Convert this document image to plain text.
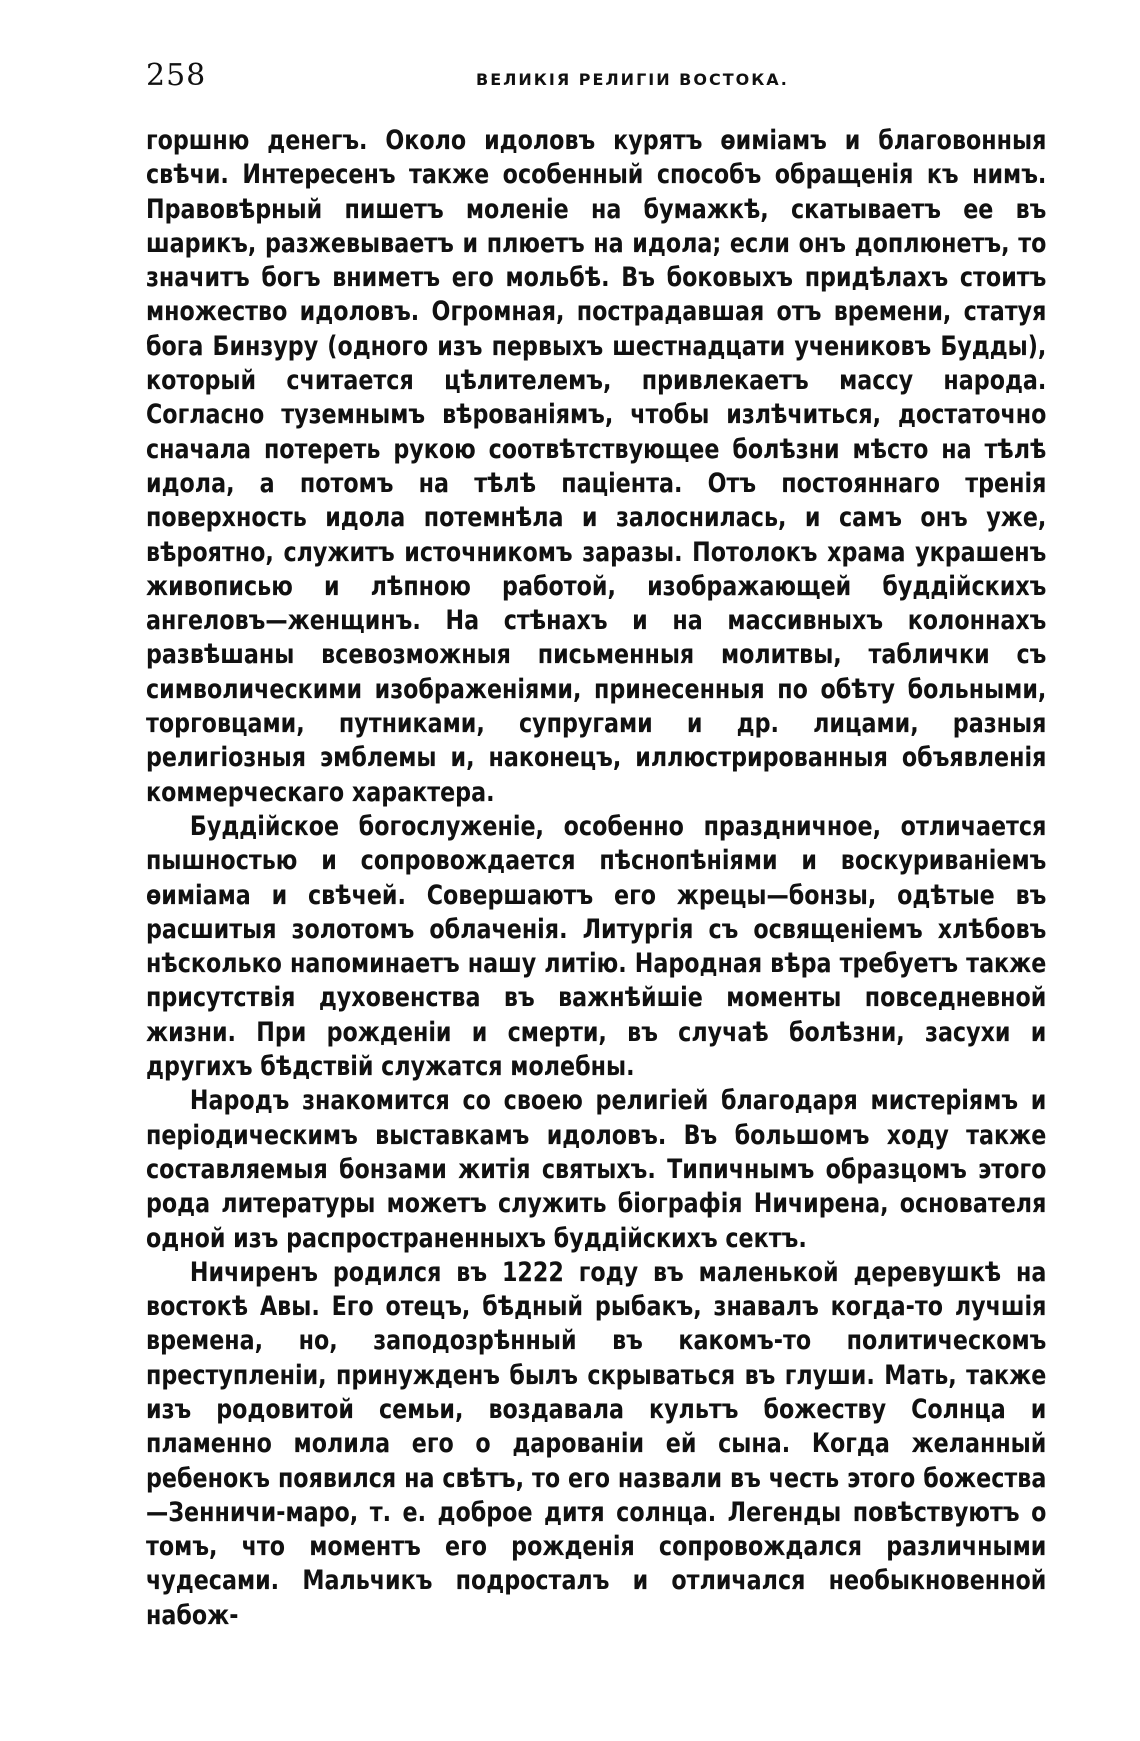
258	ВЕЛИКІЯ РЕЛИГІИ ВОСТОКА.

горшню денегъ. Около идоловъ курятъ ѳиміамъ и благовонныя свѣчи. Интересенъ также особенный способъ обращенія къ нимъ. Правовѣрный пишетъ моленіе на бумажкѣ, скатываетъ ее въ шарикъ, разжевываетъ и плюетъ на идола; если онъ доплюнетъ, то значитъ богъ вниметъ его мольбѣ. Въ боковыхъ придѣлахъ стоитъ множество идоловъ. Огромная, пострадавшая отъ времени, статуя бога Бинзуру (одного изъ первыхъ шестнадцати учениковъ Будды), который считается цѣлителемъ, привлекаетъ массу народа. Согласно туземнымъ вѣрованіямъ, чтобы излѣчиться, достаточно сначала потереть рукою соотвѣтствующее болѣзни мѣсто на тѣлѣ идола, а потомъ на тѣлѣ паціента. Отъ постояннаго тренія поверхность идола потемнѣла и залоснилась, и самъ онъ уже, вѣроятно, служитъ источникомъ заразы. Потолокъ храма украшенъ живописью и лѣпною работой, изображающей буддійскихъ ангеловъ—женщинъ. На стѣнахъ и на массивныхъ колоннахъ развѣшаны всевозможныя письменныя молитвы, таблички съ символическими изображеніями, принесенныя по обѣту больными, торговцами, путниками, супругами и др. лицами, разныя религіозныя эмблемы и, наконецъ, иллюстрированныя объявленія коммерческаго характера.

Буддійское богослуженіе, особенно праздничное, отличается пышностью и сопровождается пѣснопѣніями и воскуриваніемъ ѳиміама и свѣчей. Совершаютъ его жрецы—бонзы, одѣтые въ расшитыя золотомъ облаченія. Литургія съ освященіемъ хлѣбовъ нѣсколько напоминаетъ нашу литію. Народная вѣра требуетъ также присутствія духовенства въ важнѣйшіе моменты повседневной жизни. При рожденіи и смерти, въ случаѣ болѣзни, засухи и другихъ бѣдствій служатся молебны.

Народъ знакомится со своею религіей благодаря мистеріямъ и періодическимъ выставкамъ идоловъ. Въ большомъ ходу также составляемыя бонзами житія святыхъ. Типичнымъ образцомъ этого рода литературы можетъ служить біографія Ничирена, основателя одной изъ распространенныхъ буддійскихъ сектъ.

Ничиренъ родился въ 1222 году въ маленькой деревушкѣ на востокѣ Авы. Его отецъ, бѣдный рыбакъ, знавалъ когда-то лучшія времена, но, заподозрѣнный въ какомъ-то политическомъ преступленіи, принужденъ былъ скрываться въ глуши. Мать, также изъ родовитой семьи, воздавала культъ божеству Солнца и пламенно молила его о дарованіи ей сына. Когда желанный ребенокъ появился на свѣтъ, то его назвали въ честь этого божества—Зенничи-маро, т. е. доброе дитя солнца. Легенды повѣствуютъ о томъ, что моментъ его рожденія сопровождался различными чудесами. Мальчикъ подросталъ и отличался необыкновенной набож-
